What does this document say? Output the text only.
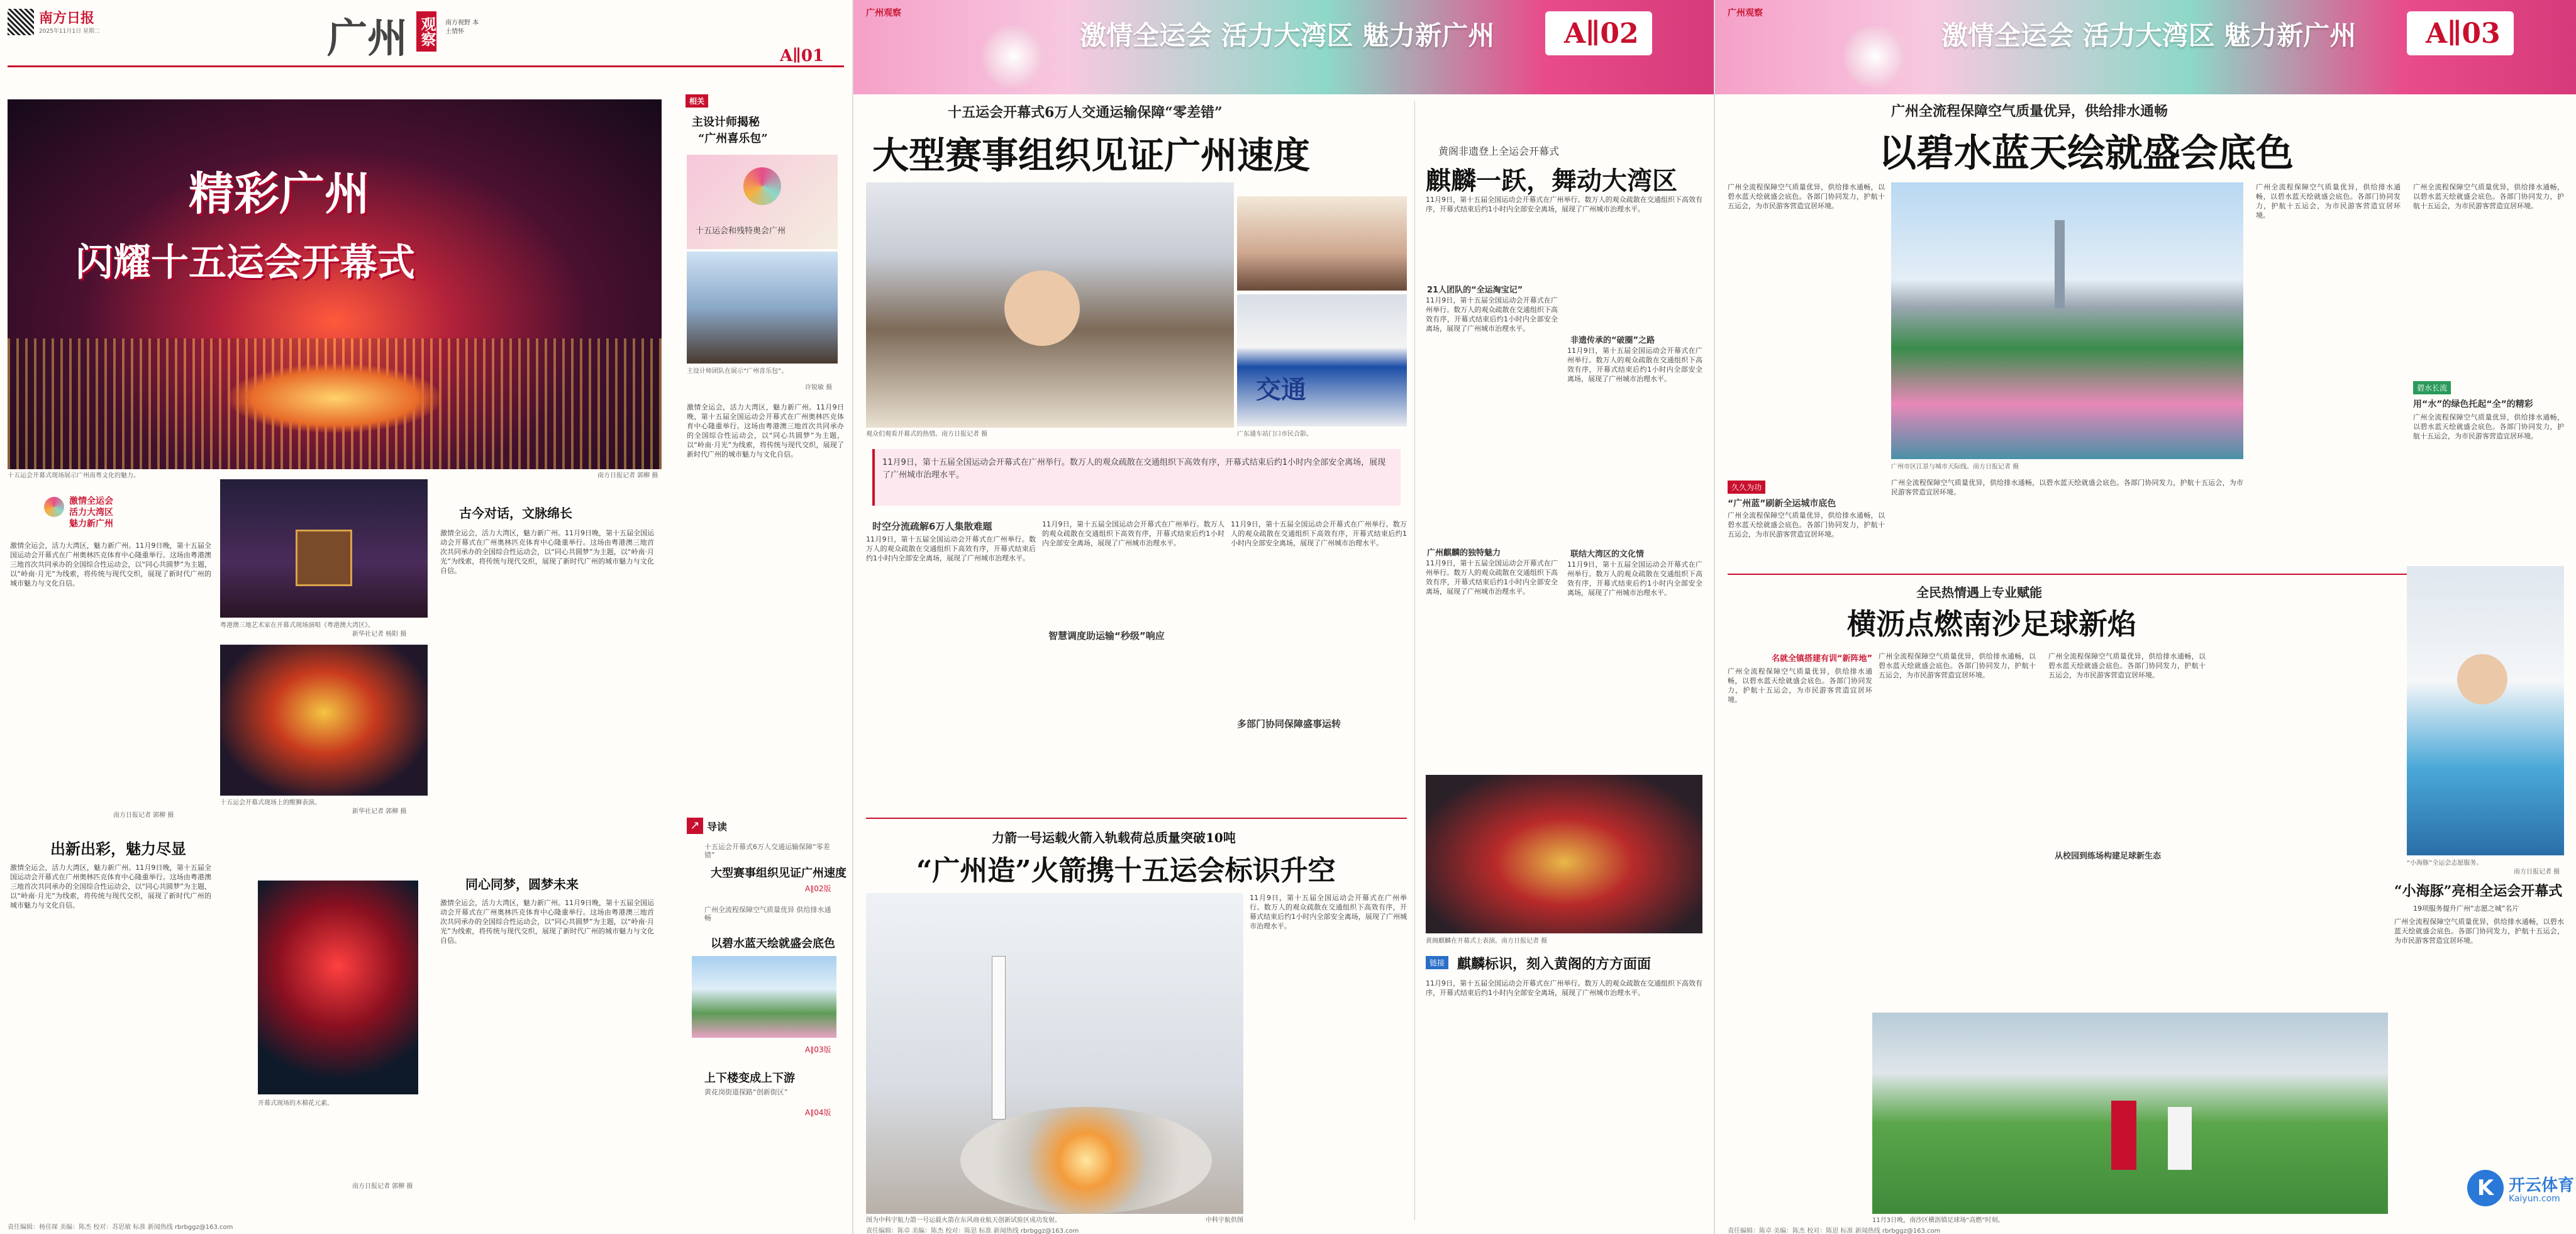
南方日报
2025年11月1日 星期二	广州 观察 南方视野 本土情怀
A∥01
精彩广州
闪耀十五运会开幕式
十五运会开幕式现场展示广州南粤文化的魅力。	南方日报记者 郭柳 摄
激情全运会
活力大湾区
魅力新广州
激情全运会，活力大湾区，魅力新广州。11月9日晚，第十五届全国运动会开幕式在广州奥林匹克体育中心隆重举行。这场由粤港澳三地首次共同承办的全国综合性运动会，以“同心共圆梦”为主题，以“岭南·月光”为线索，将传统与现代交织，展现了新时代广州的城市魅力与文化自信。
南方日报记者 郭柳 摄
出新出彩，魅力尽显
激情全运会，活力大湾区，魅力新广州。11月9日晚，第十五届全国运动会开幕式在广州奥林匹克体育中心隆重举行。这场由粤港澳三地首次共同承办的全国综合性运动会，以“同心共圆梦”为主题，以“岭南·月光”为线索，将传统与现代交织，展现了新时代广州的城市魅力与文化自信。
粤港澳三地艺术家在开幕式现场演唱《粤港澳大湾区》。
新华社记者 杨阳 摄
十五运会开幕式现场上的醒狮表演。
新华社记者 郭柳 摄
开幕式现场的木棉花元素。
南方日报记者 郭柳 摄
古今对话，文脉绵长
激情全运会，活力大湾区，魅力新广州。11月9日晚，第十五届全国运动会开幕式在广州奥林匹克体育中心隆重举行。这场由粤港澳三地首次共同承办的全国综合性运动会，以“同心共圆梦”为主题，以“岭南·月光”为线索，将传统与现代交织，展现了新时代广州的城市魅力与文化自信。
同心同梦，圆梦未来
激情全运会，活力大湾区，魅力新广州。11月9日晚，第十五届全国运动会开幕式在广州奥林匹克体育中心隆重举行。这场由粤港澳三地首次共同承办的全国综合性运动会，以“同心共圆梦”为主题，以“岭南·月光”为线索，将传统与现代交织，展现了新时代广州的城市魅力与文化自信。
相关
主设计师揭秘
“广州喜乐包”
十五运会和残特奥会广州
主设计师团队在展示“广州喜乐包”。
许锐敏 摄
激情全运会，活力大湾区，魅力新广州。11月9日晚，第十五届全国运动会开幕式在广州奥林匹克体育中心隆重举行。这场由粤港澳三地首次共同承办的全国综合性运动会，以“同心共圆梦”为主题，以“岭南·月光”为线索，将传统与现代交织，展现了新时代广州的城市魅力与文化自信。
↗ 导读
十五运会开幕式6万人交通运输保障“零差错”
大型赛事组织见证广州速度
A∥02版
广州全流程保障空气质量优异 供给排水通畅
以碧水蓝天绘就盛会底色
A∥03版
上下楼变成上下游
黄花岗街道探路“创新街区”
A∥04版
责任编辑：杨佳琛 美编：陈杰 校对：苏思敏 标准 新闻热线 rbrbggz@163.com
广州观察
激情全运会 活力大湾区 魅力新广州	A∥02
十五运会开幕式6万人交通运输保障“零差错”
大型赛事组织见证广州速度
观众们观看开幕式的热情。南方日报记者 摄
交通
广东通车站门口市民合影。
11月9日，第十五届全国运动会开幕式在广州举行。数万人的观众疏散在交通组织下高效有序，开幕式结束后约1小时内全部安全离场，展现了广州城市治理水平。
时空分流疏解6万人集散难题
11月9日，第十五届全国运动会开幕式在广州举行。数万人的观众疏散在交通组织下高效有序，开幕式结束后约1小时内全部安全离场，展现了广州城市治理水平。
智慧调度助运输“秒级”响应
11月9日，第十五届全国运动会开幕式在广州举行。数万人的观众疏散在交通组织下高效有序，开幕式结束后约1小时内全部安全离场，展现了广州城市治理水平。
多部门协同保障盛事运转
11月9日，第十五届全国运动会开幕式在广州举行。数万人的观众疏散在交通组织下高效有序，开幕式结束后约1小时内全部安全离场，展现了广州城市治理水平。
力箭一号运载火箭入轨载荷总质量突破10吨
“广州造”火箭携十五运会标识升空
图为中科宇航力箭一号运载火箭在东风商业航天创新试验区成功发射。	中科宇航供图
11月9日，第十五届全国运动会开幕式在广州举行。数万人的观众疏散在交通组织下高效有序，开幕式结束后约1小时内全部安全离场，展现了广州城市治理水平。
黄阁非遗登上全运会开幕式
麒麟一跃，舞动大湾区
11月9日，第十五届全国运动会开幕式在广州举行。数万人的观众疏散在交通组织下高效有序，开幕式结束后约1小时内全部安全离场，展现了广州城市治理水平。
21人团队的“全运淘宝记”
11月9日，第十五届全国运动会开幕式在广州举行。数万人的观众疏散在交通组织下高效有序，开幕式结束后约1小时内全部安全离场，展现了广州城市治理水平。
非遗传承的“破圈”之路
11月9日，第十五届全国运动会开幕式在广州举行。数万人的观众疏散在交通组织下高效有序，开幕式结束后约1小时内全部安全离场，展现了广州城市治理水平。
广州麒麟的独特魅力
11月9日，第十五届全国运动会开幕式在广州举行。数万人的观众疏散在交通组织下高效有序，开幕式结束后约1小时内全部安全离场，展现了广州城市治理水平。
联结大湾区的文化情
11月9日，第十五届全国运动会开幕式在广州举行。数万人的观众疏散在交通组织下高效有序，开幕式结束后约1小时内全部安全离场，展现了广州城市治理水平。
黄阁麒麟在开幕式上表演。南方日报记者 摄
链接 麒麟标识，刻入黄阁的方方面面
11月9日，第十五届全国运动会开幕式在广州举行。数万人的观众疏散在交通组织下高效有序，开幕式结束后约1小时内全部安全离场，展现了广州城市治理水平。
责任编辑：陈卓 美编：陈杰 校对：陈思 标准 新闻热线 rbrbggz@163.com
广州观察
激情全运会 活力大湾区 魅力新广州	A∥03
广州全流程保障空气质量优异，供给排水通畅
以碧水蓝天绘就盛会底色
广州全流程保障空气质量优异，供给排水通畅，以碧水蓝天绘就盛会底色。各部门协同发力，护航十五运会，为市民游客营造宜居环境。
广州市区江景与城市天际线。南方日报记者 摄
广州全流程保障空气质量优异，供给排水通畅，以碧水蓝天绘就盛会底色。各部门协同发力，护航十五运会，为市民游客营造宜居环境。
广州全流程保障空气质量优异，供给排水通畅，以碧水蓝天绘就盛会底色。各部门协同发力，护航十五运会，为市民游客营造宜居环境。
碧水长流
用“水”的绿色托起“全”的精彩
广州全流程保障空气质量优异，供给排水通畅，以碧水蓝天绘就盛会底色。各部门协同发力，护航十五运会，为市民游客营造宜居环境。
久久为功
“广州蓝”刷新全运城市底色
广州全流程保障空气质量优异，供给排水通畅，以碧水蓝天绘就盛会底色。各部门协同发力，护航十五运会，为市民游客营造宜居环境。
广州全流程保障空气质量优异，供给排水通畅，以碧水蓝天绘就盛会底色。各部门协同发力，护航十五运会，为市民游客营造宜居环境。
全民热情遇上专业赋能
横沥点燃南沙足球新焰
名就全镇搭建有训“新阵地”
广州全流程保障空气质量优异，供给排水通畅，以碧水蓝天绘就盛会底色。各部门协同发力，护航十五运会，为市民游客营造宜居环境。
广州全流程保障空气质量优异，供给排水通畅，以碧水蓝天绘就盛会底色。各部门协同发力，护航十五运会，为市民游客营造宜居环境。
从校园到练场构建足球新生态
广州全流程保障空气质量优异，供给排水通畅，以碧水蓝天绘就盛会底色。各部门协同发力，护航十五运会，为市民游客营造宜居环境。
11月3日晚，南沙区横沥镇足球场“高燃”时刻。
“小海豚”全运会志愿服务。
南方日报记者 摄
“小海豚”亮相全运会开幕式
19项服务提升广州“志愿之城”名片
广州全流程保障空气质量优异，供给排水通畅，以碧水蓝天绘就盛会底色。各部门协同发力，护航十五运会，为市民游客营造宜居环境。
K 开云体育
Kaiyun.com
责任编辑：陈卓 美编：陈杰 校对：陈思 标准 新闻热线 rbrbggz@163.com
